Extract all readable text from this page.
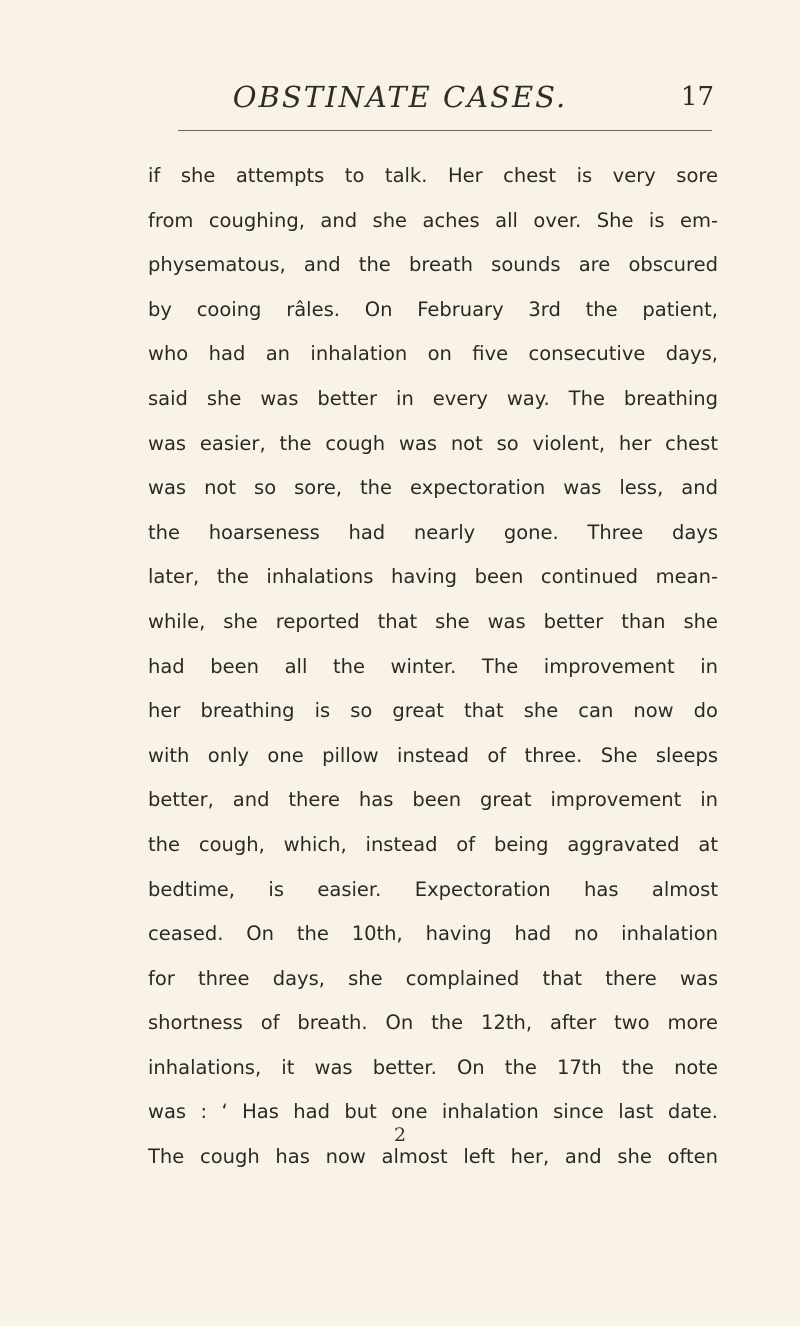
OBSTINATE CASES.	17
if she attempts to talk. Her chest is very sore
from coughing, and she aches all over. She is em-
physematous, and the breath sounds are obscured
by cooing râles. On February 3rd the patient,
who had an inhalation on five consecutive days,
said she was better in every way. The breathing
was easier, the cough was not so violent, her chest
was not so sore, the expectoration was less, and
the hoarseness had nearly gone. Three days
later, the inhalations having been continued mean-
while, she reported that she was better than she
had been all the winter. The improvement in
her breathing is so great that she can now do
with only one pillow instead of three. She sleeps
better, and there has been great improvement in
the cough, which, instead of being aggravated at
bedtime, is easier. Expectoration has almost
ceased. On the 10th, having had no inhalation
for three days, she complained that there was
shortness of breath. On the 12th, after two more
inhalations, it was better. On the 17th the note
was : ‘ Has had but one inhalation since last date.
The cough has now almost left her, and she often
2
